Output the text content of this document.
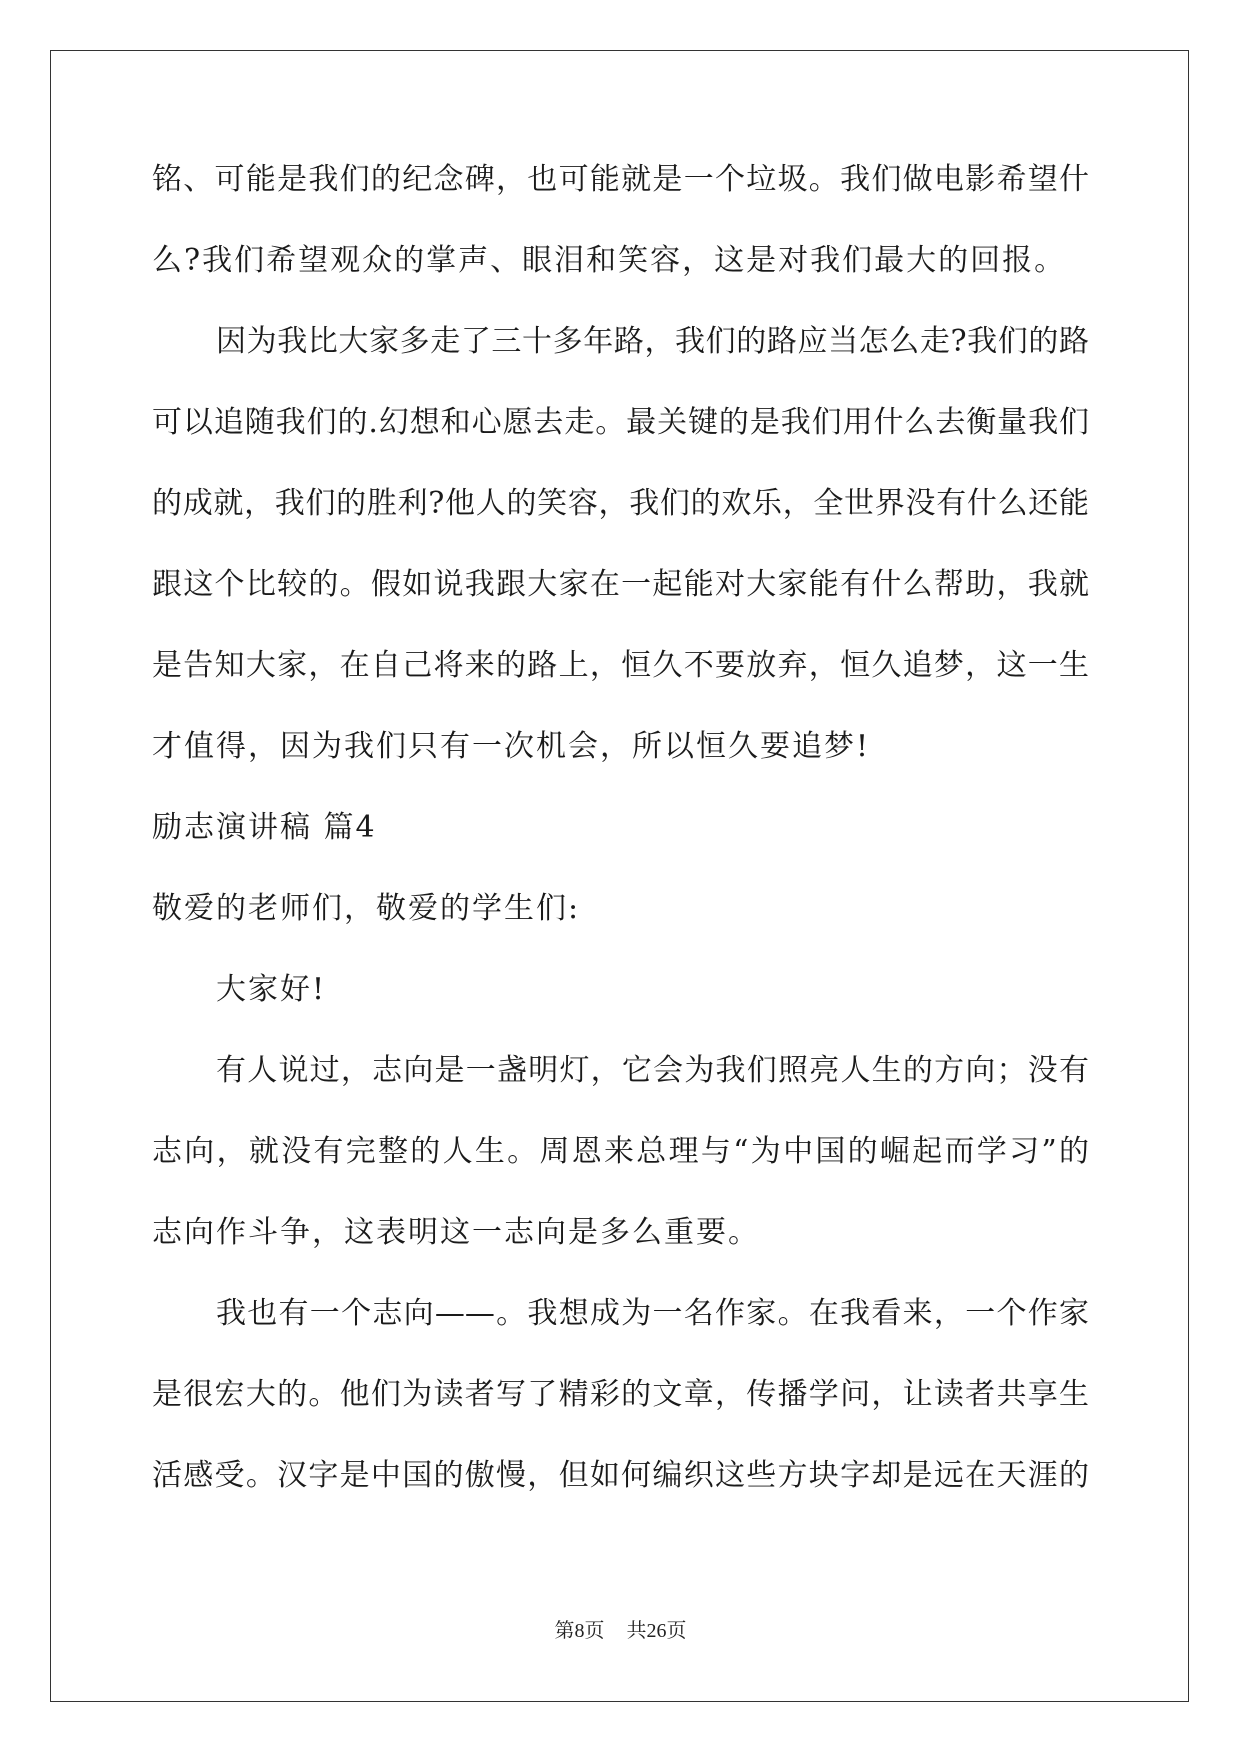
铭、可能是我们的纪念碑，也可能就是一个垃圾。我们做电影希望什
么?我们希望观众的掌声、眼泪和笑容，这是对我们最大的回报。
因为我比大家多走了三十多年路，我们的路应当怎么走?我们的路
可以追随我们的.幻想和心愿去走。最关键的是我们用什么去衡量我们
的成就，我们的胜利?他人的笑容，我们的欢乐，全世界没有什么还能
跟这个比较的。假如说我跟大家在一起能对大家能有什么帮助，我就
是告知大家，在自己将来的路上，恒久不要放弃，恒久追梦，这一生
才值得，因为我们只有一次机会，所以恒久要追梦!
励志演讲稿 篇4
敬爱的老师们，敬爱的学生们:
大家好!
有人说过，志向是一盏明灯，它会为我们照亮人生的方向；没有
志向，就没有完整的人生。周恩来总理与“为中国的崛起而学习”的
志向作斗争，这表明这一志向是多么重要。
我也有一个志向——。我想成为一名作家。在我看来，一个作家
是很宏大的。他们为读者写了精彩的文章，传播学问，让读者共享生
活感受。汉字是中国的傲慢，但如何编织这些方块字却是远在天涯的
第8页 共26页
